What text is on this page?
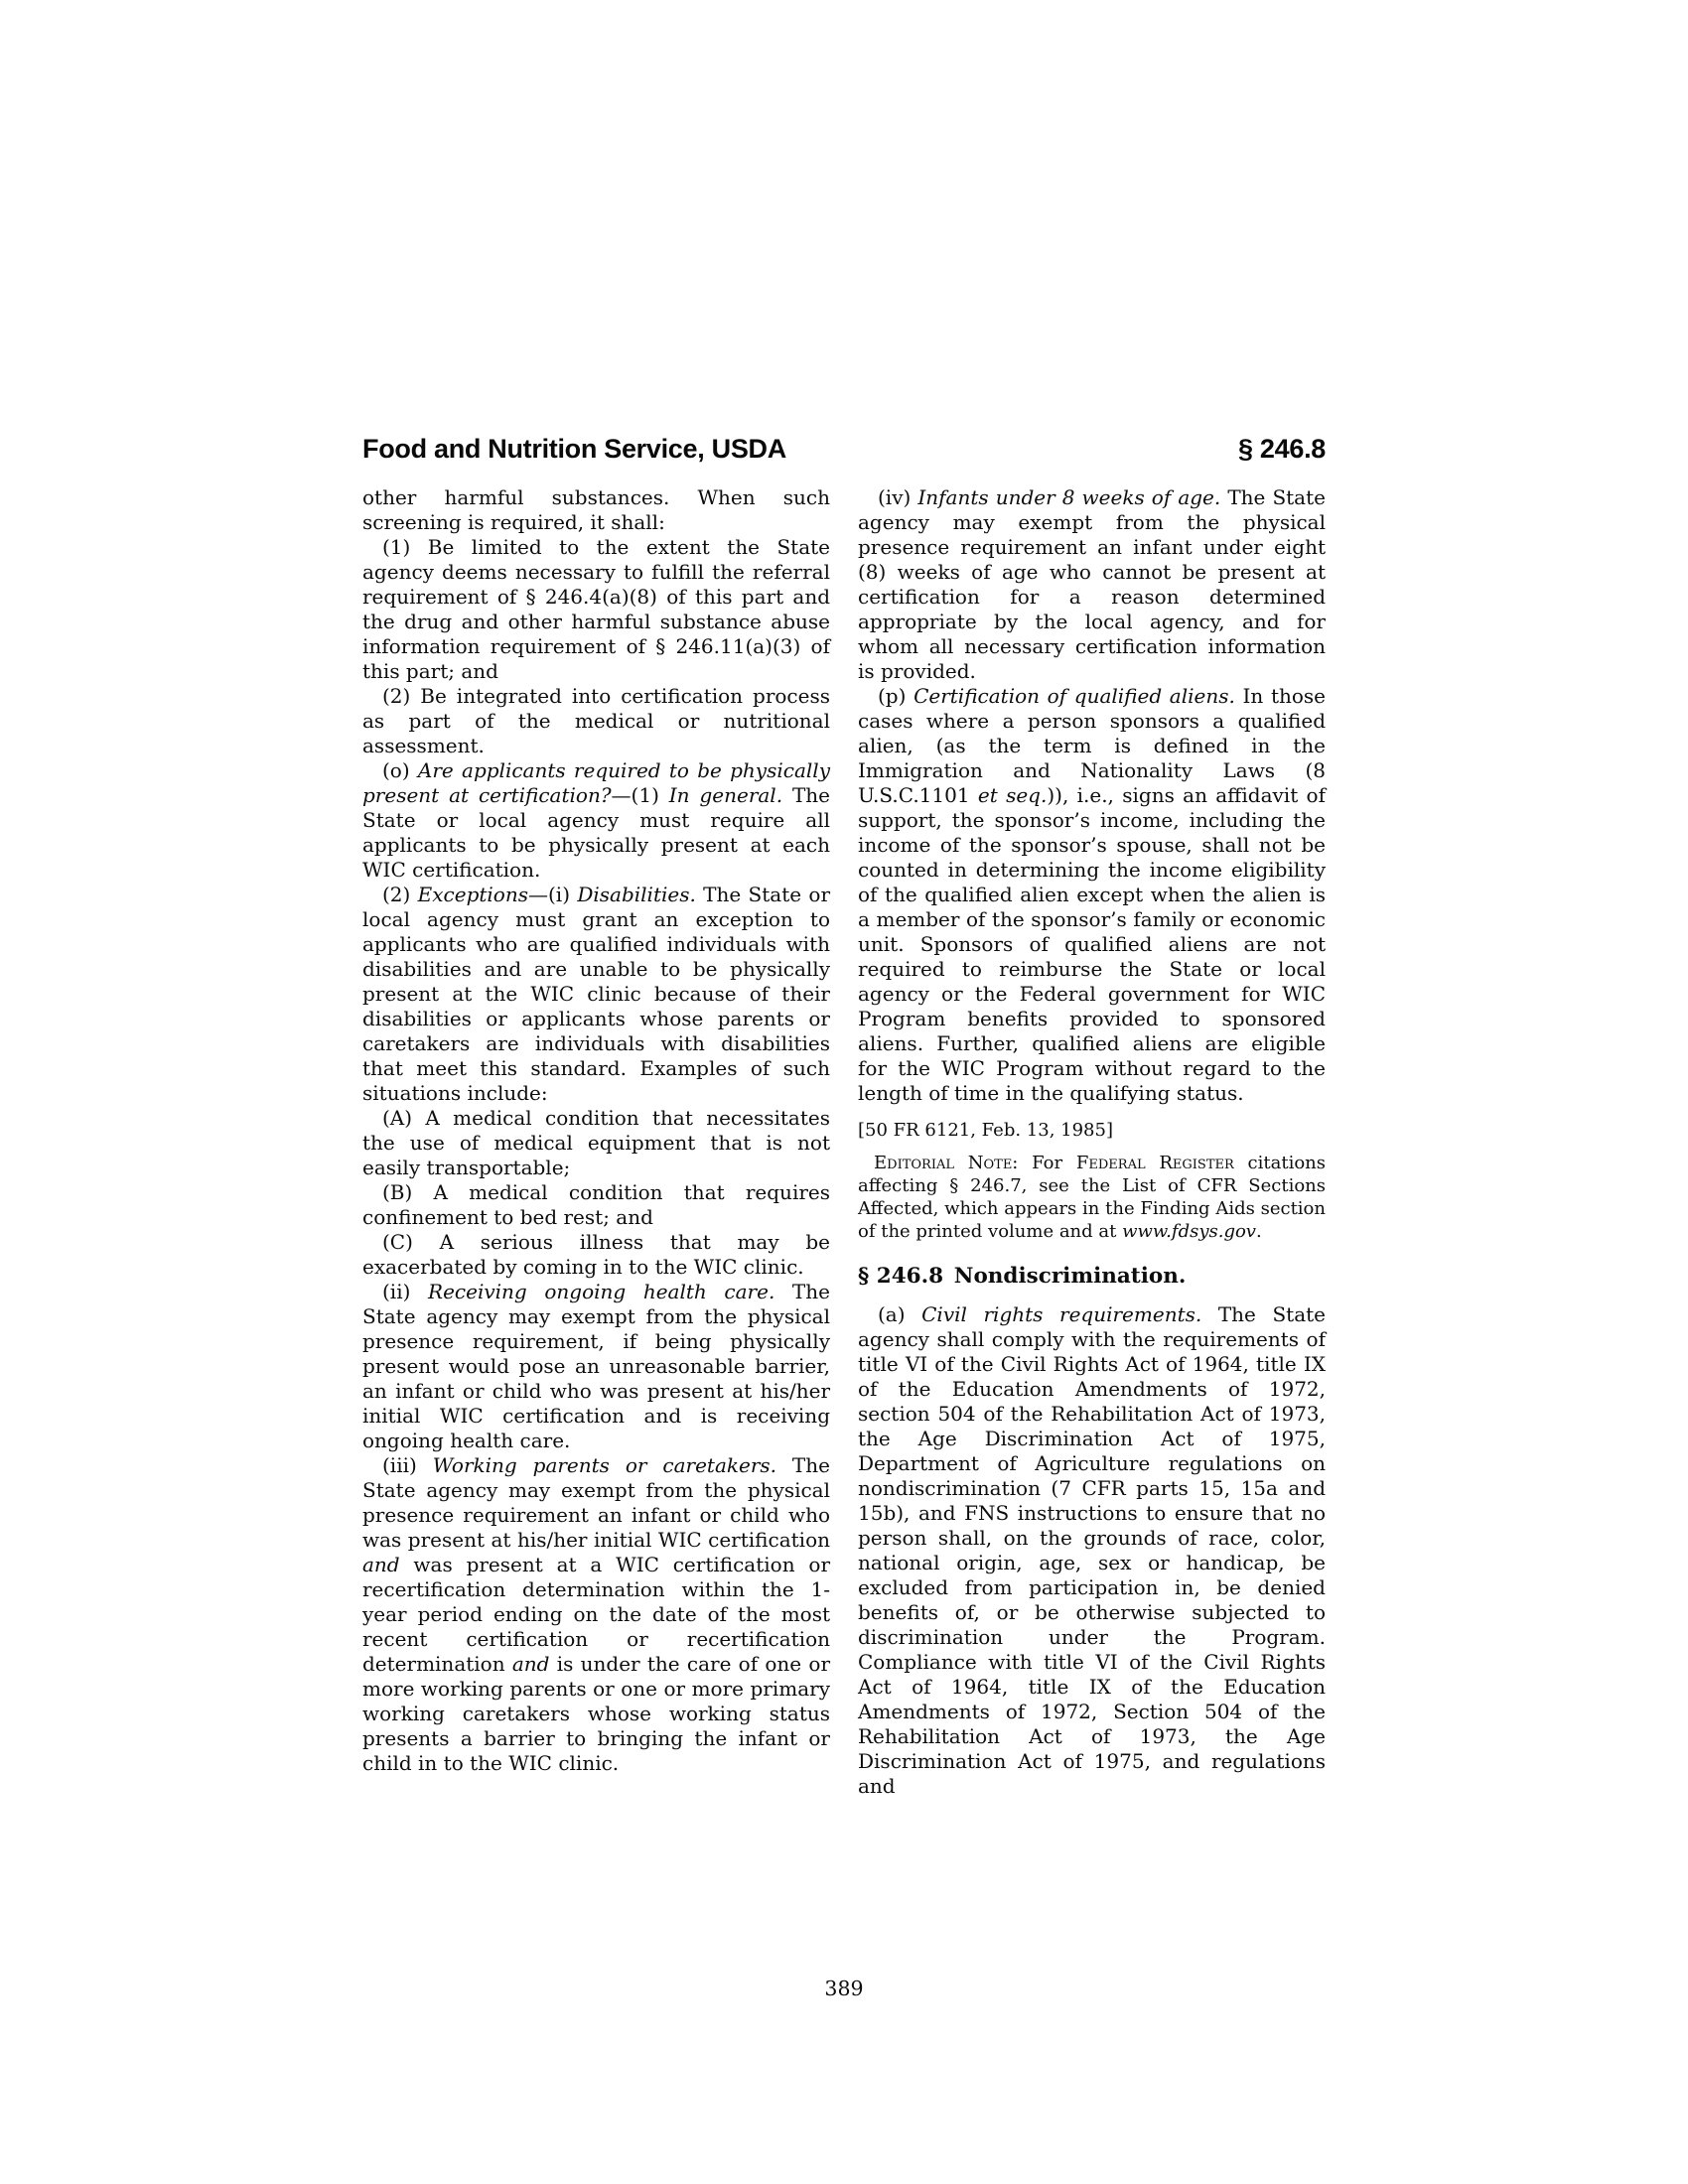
Food and Nutrition Service, USDA	§ 246.8

other harmful substances. When such screening is required, it shall:

(1) Be limited to the extent the State agency deems necessary to fulfill the referral requirement of § 246.4(a)(8) of this part and the drug and other harmful substance abuse information requirement of § 246.11(a)(3) of this part; and

(2) Be integrated into certification process as part of the medical or nutritional assessment.

(o) Are applicants required to be physically present at certification?—(1) In general. The State or local agency must require all applicants to be physically present at each WIC certification.

(2) Exceptions—(i) Disabilities. The State or local agency must grant an exception to applicants who are qualified individuals with disabilities and are unable to be physically present at the WIC clinic because of their disabilities or applicants whose parents or caretakers are individuals with disabilities that meet this standard. Examples of such situations include:

(A) A medical condition that necessitates the use of medical equipment that is not easily transportable;

(B) A medical condition that requires confinement to bed rest; and

(C) A serious illness that may be exacerbated by coming in to the WIC clinic.

(ii) Receiving ongoing health care. The State agency may exempt from the physical presence requirement, if being physically present would pose an unreasonable barrier, an infant or child who was present at his/her initial WIC certification and is receiving ongoing health care.

(iii) Working parents or caretakers. The State agency may exempt from the physical presence requirement an infant or child who was present at his/her initial WIC certification and was present at a WIC certification or recertification determination within the 1-year period ending on the date of the most recent certification or recertification determination and is under the care of one or more working parents or one or more primary working caretakers whose working status presents a barrier to bringing the infant or child in to the WIC clinic.

(iv) Infants under 8 weeks of age. The State agency may exempt from the physical presence requirement an infant under eight (8) weeks of age who cannot be present at certification for a reason determined appropriate by the local agency, and for whom all necessary certification information is provided.

(p) Certification of qualified aliens. In those cases where a person sponsors a qualified alien, (as the term is defined in the Immigration and Nationality Laws (8 U.S.C.1101 et seq.)), i.e., signs an affidavit of support, the sponsor’s income, including the income of the sponsor’s spouse, shall not be counted in determining the income eligibility of the qualified alien except when the alien is a member of the sponsor’s family or economic unit. Sponsors of qualified aliens are not required to reimburse the State or local agency or the Federal government for WIC Program benefits provided to sponsored aliens. Further, qualified aliens are eligible for the WIC Program without regard to the length of time in the qualifying status.

[50 FR 6121, Feb. 13, 1985]

Editorial Note: For Federal Register citations affecting § 246.7, see the List of CFR Sections Affected, which appears in the Finding Aids section of the printed volume and at www.fdsys.gov.

§ 246.8 Nondiscrimination.

(a) Civil rights requirements. The State agency shall comply with the requirements of title VI of the Civil Rights Act of 1964, title IX of the Education Amendments of 1972, section 504 of the Rehabilitation Act of 1973, the Age Discrimination Act of 1975, Department of Agriculture regulations on nondiscrimination (7 CFR parts 15, 15a and 15b), and FNS instructions to ensure that no person shall, on the grounds of race, color, national origin, age, sex or handicap, be excluded from participation in, be denied benefits of, or be otherwise subjected to discrimination under the Program. Compliance with title VI of the Civil Rights Act of 1964, title IX of the Education Amendments of 1972, Section 504 of the Rehabilitation Act of 1973, the Age Discrimination Act of 1975, and regulations and

389
